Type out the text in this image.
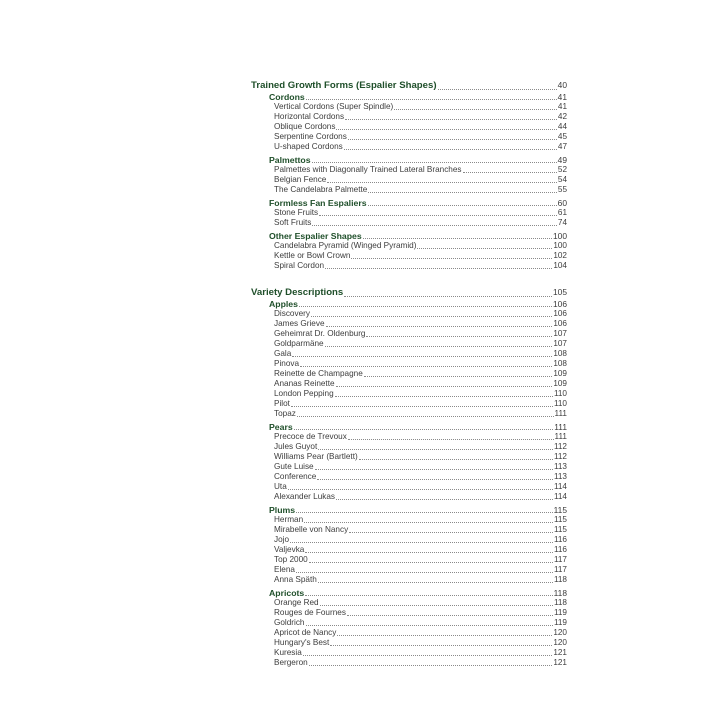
Trained Growth Forms (Espalier Shapes)	40
Cordons	41
Vertical Cordons (Super Spindle)	41
Horizontal Cordons	42
Oblique Cordons	44
Serpentine Cordons	45
U-shaped Cordons	47
Palmettos	49
Palmettes with Diagonally Trained Lateral Branches	52
Belgian Fence	54
The Candelabra Palmette	55
Formless Fan Espaliers	60
Stone Fruits	61
Soft Fruits	74
Other Espalier Shapes	100
Candelabra Pyramid (Winged Pyramid)	100
Kettle or Bowl Crown	102
Spiral Cordon	104
Variety Descriptions	105
Apples	106
Discovery	106
James Grieve	106
Geheimrat Dr. Oldenburg	107
Goldparmäne	107
Gala	108
Pinova	108
Reinette de Champagne	109
Ananas Reinette	109
London Pepping	110
Pilot	110
Topaz	111
Pears	111
Precoce de Trevoux	111
Jules Guyot	112
Williams Pear (Bartlett)	112
Gute Luise	113
Conference	113
Uta	114
Alexander Lukas	114
Plums	115
Herman	115
Mirabelle von Nancy	115
Jojo	116
Valjevka	116
Top 2000	117
Elena	117
Anna Späth	118
Apricots	118
Orange Red	118
Rouges de Fournes	119
Goldrich	119
Apricot de Nancy	120
Hungary's Best	120
Kuresia	121
Bergeron	121
